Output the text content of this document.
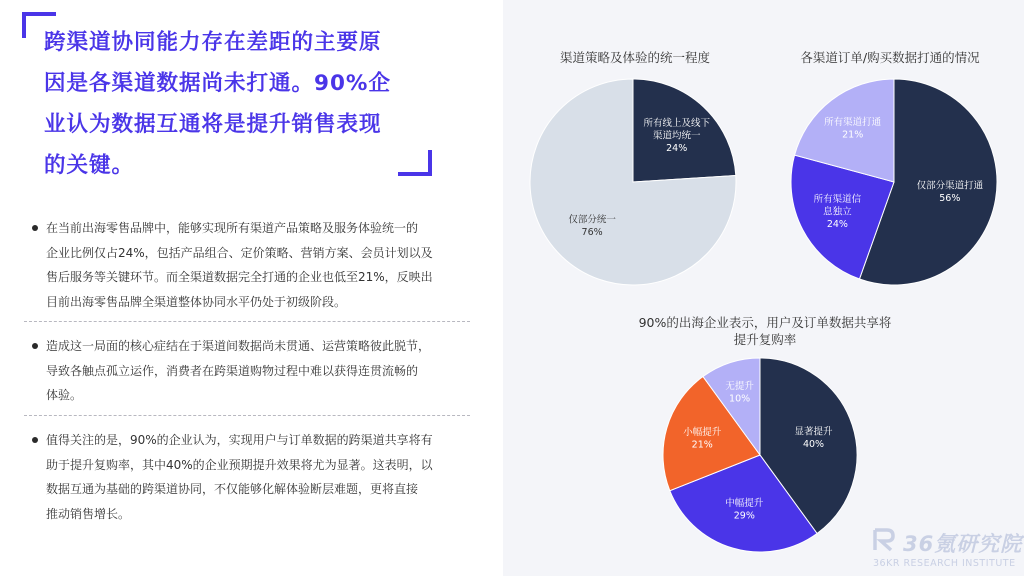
跨渠道协同能力存在差距的主要原
因是各渠道数据尚未打通。90%企
业认为数据互通将是提升销售表现
的关键。
在当前出海零售品牌中，能够实现所有渠道产品策略及服务体验统一的
企业比例仅占24%，包括产品组合、定价策略、营销方案、会员计划以及
售后服务等关键环节。而全渠道数据完全打通的企业也低至21%，反映出
目前出海零售品牌全渠道整体协同水平仍处于初级阶段。
造成这一局面的核心症结在于渠道间数据尚未贯通、运营策略彼此脱节，
导致各触点孤立运作，消费者在跨渠道购物过程中难以获得连贯流畅的
体验。
值得关注的是，90%的企业认为，实现用户与订单数据的跨渠道共享将有
助于提升复购率，其中40%的企业预期提升效果将尤为显著。这表明，以
数据互通为基础的跨渠道协同，不仅能够化解体验断层难题，更将直接
推动销售增长。
渠道策略及体验的统一程度
所有线上及线下
渠道均统一
24%
仅部分统一
76%
各渠道订单/购买数据打通的情况
仅部分渠道打通
56%
所有渠道信
息独立
24%
所有渠道打通
21%
90%的出海企业表示，用户及订单数据共享将
提升复购率
显著提升
40%
中幅提升
29%
小幅提升
21%
无提升
10%
36氪研究院
36KR RESEARCH INSTITUTE
